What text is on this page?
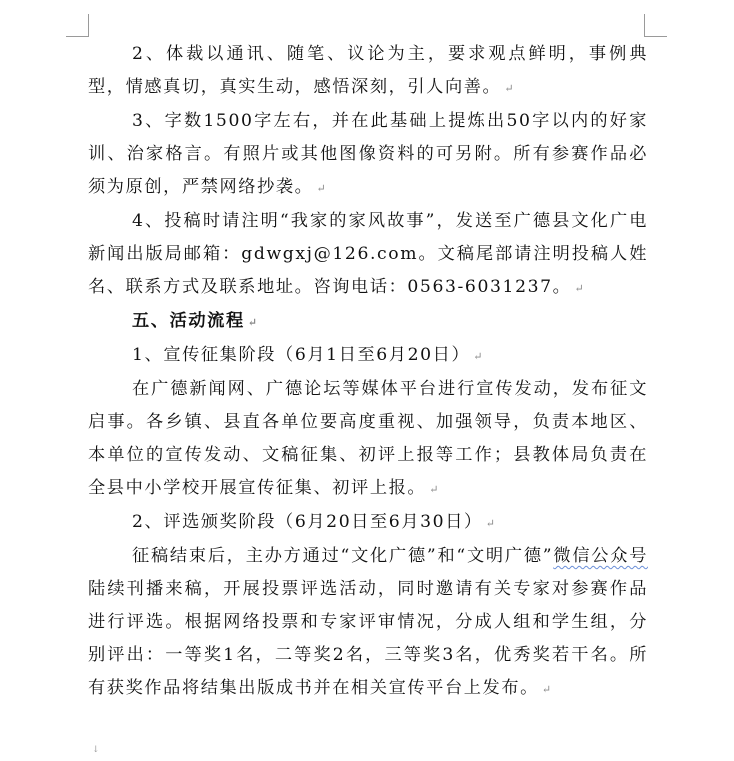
2、体裁以通讯、随笔、议论为主，要求观点鲜明，事例典型，情感真切，真实生动，感悟深刻，引人向善。 ↵

3、字数1500字左右，并在此基础上提炼出50字以内的好家训、治家格言。有照片或其他图像资料的可另附。所有参赛作品必须为原创，严禁网络抄袭。 ↵

4、投稿时请注明“我家的家风故事”，发送至广德县文化广电新闻出版局邮箱：gdwgxj@126.com。文稿尾部请注明投稿人姓名、联系方式及联系地址。咨询电话：0563-6031237。 ↵

五、活动流程 ↵

1、宣传征集阶段（6月1日至6月20日） ↵

在广德新闻网、广德论坛等媒体平台进行宣传发动，发布征文启事。各乡镇、县直各单位要高度重视、加强领导，负责本地区、本单位的宣传发动、文稿征集、初评上报等工作；县教体局负责在全县中小学校开展宣传征集、初评上报。 ↵

2、评选颁奖阶段（6月20日至6月30日） ↵

征稿结束后，主办方通过“文化广德”和“文明广德”微信公众号陆续刊播来稿，开展投票评选活动，同时邀请有关专家对参赛作品进行评选。根据网络投票和专家评审情况，分成人组和学生组，分别评出：一等奖1名，二等奖2名，三等奖3名，优秀奖若干名。所有获奖作品将结集出版成书并在相关宣传平台上发布。 ↵

↓
